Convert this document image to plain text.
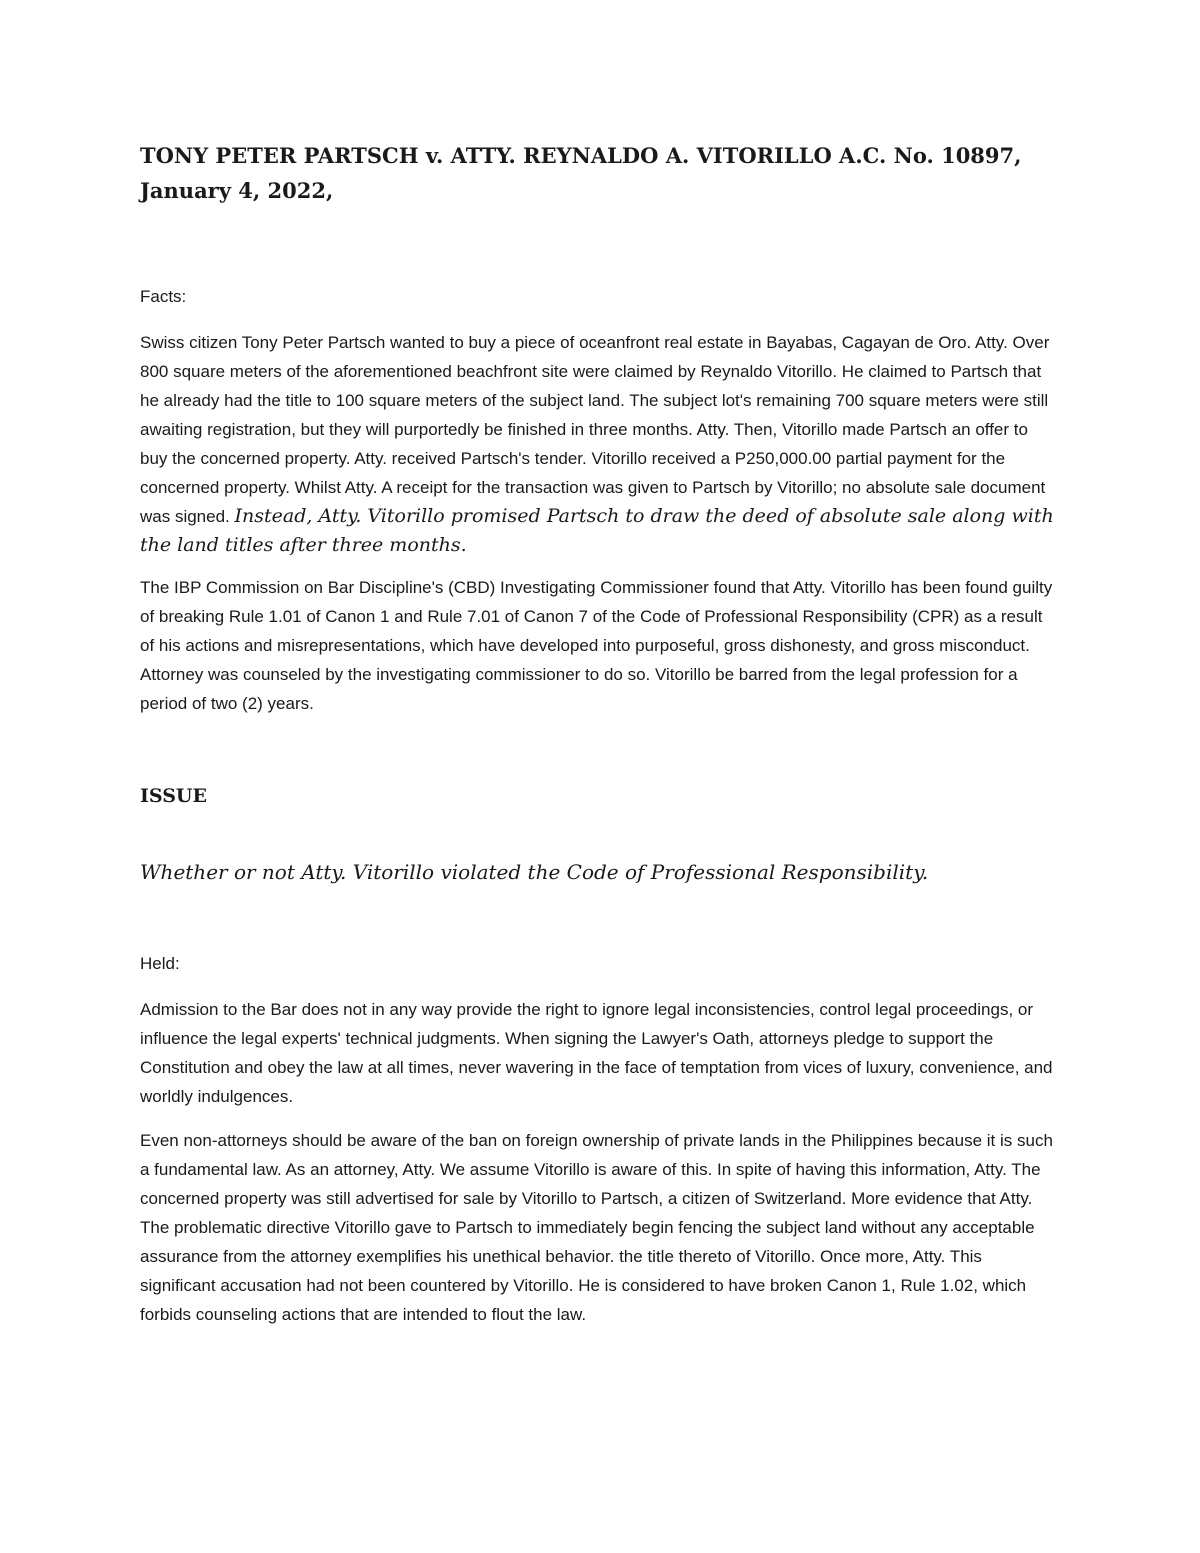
TONY PETER PARTSCH v. ATTY. REYNALDO A. VITORILLO A.C. No. 10897, January 4, 2022,

Facts:

Swiss citizen Tony Peter Partsch wanted to buy a piece of oceanfront real estate in Bayabas, Cagayan de Oro. Atty. Over 800 square meters of the aforementioned beachfront site were claimed by Reynaldo Vitorillo. He claimed to Partsch that he already had the title to 100 square meters of the subject land. The subject lot's remaining 700 square meters were still awaiting registration, but they will purportedly be finished in three months. Atty. Then, Vitorillo made Partsch an offer to buy the concerned property. Atty. received Partsch's tender. Vitorillo received a P250,000.00 partial payment for the concerned property. Whilst Atty. A receipt for the transaction was given to Partsch by Vitorillo; no absolute sale document was signed. Instead, Atty. Vitorillo promised Partsch to draw the deed of absolute sale along with the land titles after three months.

The IBP Commission on Bar Discipline's (CBD) Investigating Commissioner found that Atty. Vitorillo has been found guilty of breaking Rule 1.01 of Canon 1 and Rule 7.01 of Canon 7 of the Code of Professional Responsibility (CPR) as a result of his actions and misrepresentations, which have developed into purposeful, gross dishonesty, and gross misconduct. Attorney was counseled by the investigating commissioner to do so. Vitorillo be barred from the legal profession for a period of two (2) years.

ISSUE

Whether or not Atty. Vitorillo violated the Code of Professional Responsibility.

Held:

Admission to the Bar does not in any way provide the right to ignore legal inconsistencies, control legal proceedings, or influence the legal experts' technical judgments. When signing the Lawyer's Oath, attorneys pledge to support the Constitution and obey the law at all times, never wavering in the face of temptation from vices of luxury, convenience, and worldly indulgences.

Even non-attorneys should be aware of the ban on foreign ownership of private lands in the Philippines because it is such a fundamental law. As an attorney, Atty. We assume Vitorillo is aware of this. In spite of having this information, Atty. The concerned property was still advertised for sale by Vitorillo to Partsch, a citizen of Switzerland. More evidence that Atty. The problematic directive Vitorillo gave to Partsch to immediately begin fencing the subject land without any acceptable assurance from the attorney exemplifies his unethical behavior. the title thereto of Vitorillo. Once more, Atty. This significant accusation had not been countered by Vitorillo. He is considered to have broken Canon 1, Rule 1.02, which forbids counseling actions that are intended to flout the law.
